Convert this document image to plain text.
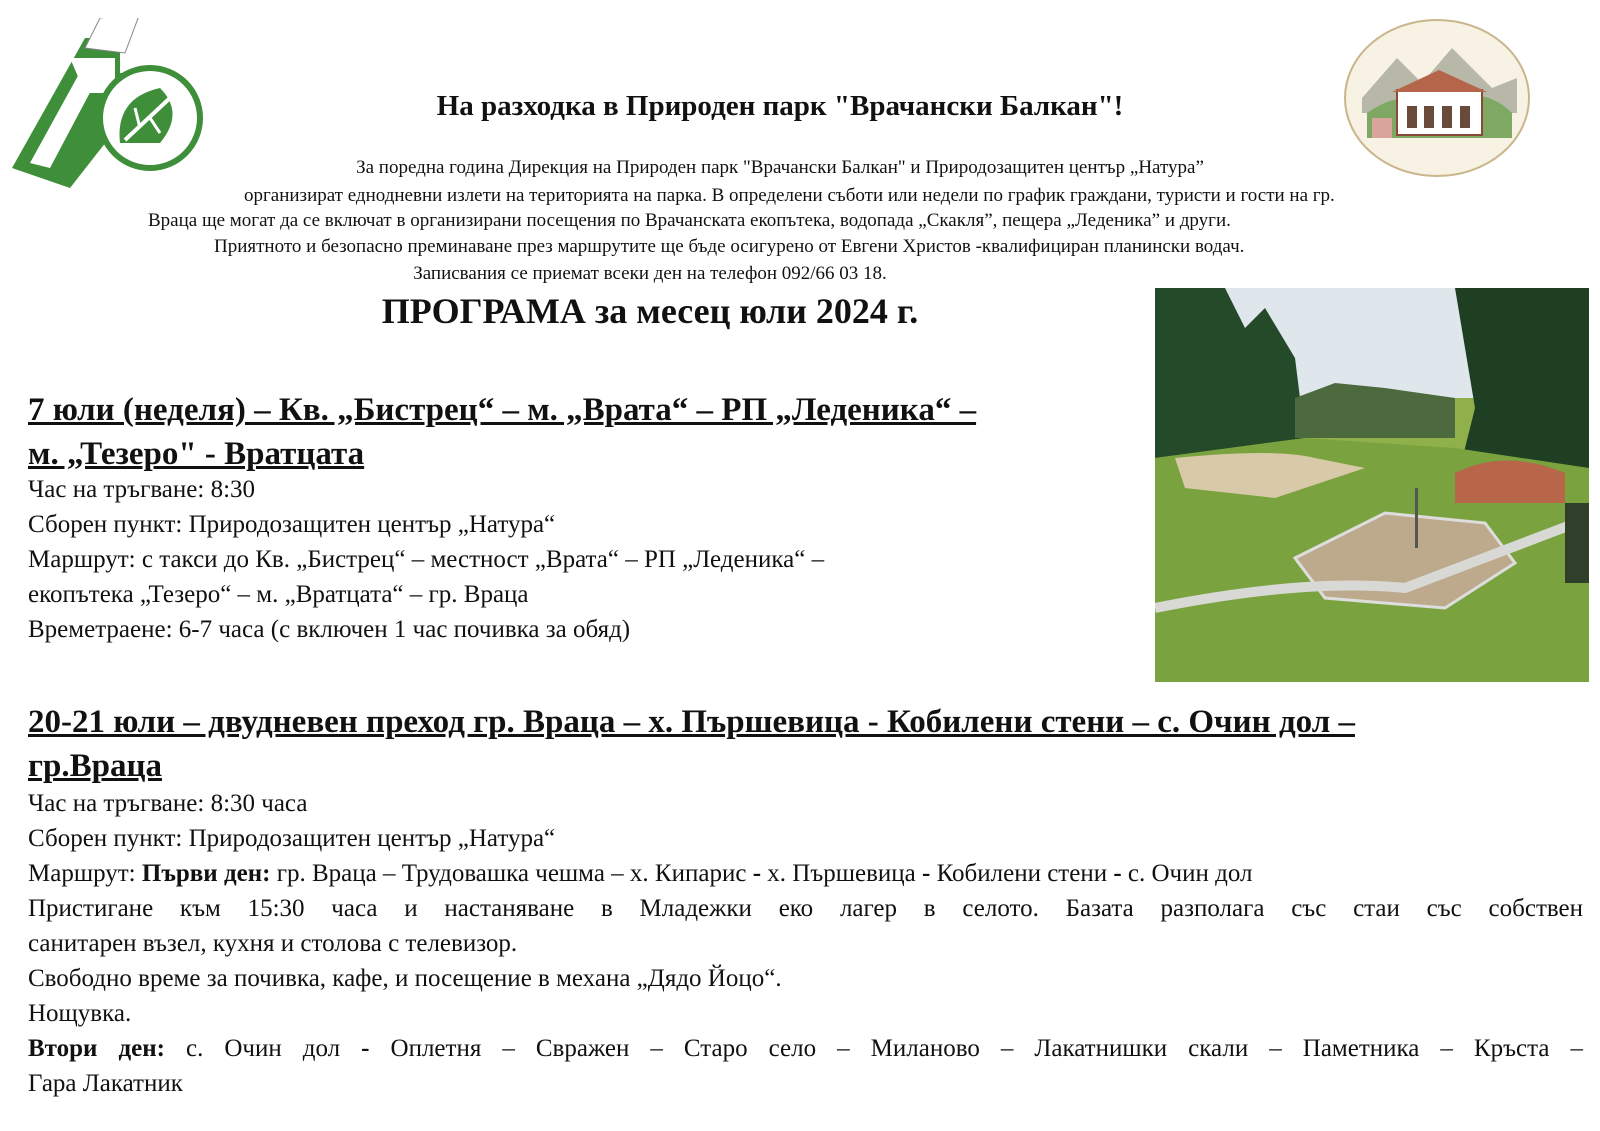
На разходка в Природен парк "Врачански Балкан"!
За поредна година Дирекция на Природен парк "Врачански Балкан" и Природозащитен център „Натура”
организират еднодневни излети на територията на парка. В определени съботи или недели по график граждани, туристи и гости на гр.
Враца ще могат да се включат в организирани посещения по Врачанската екопътека, водопада „Скакля”, пещера „Леденика” и други.
Приятното и безопасно преминаване през маршрутите ще бъде осигурено от Евгени Христов -квалифициран планински водач.
Записвания се приемат всеки ден на телефон 092/66 03 18.
ПРОГРАМА за месец юли 2024 г.
7 юли (неделя) – Кв. „Бистрец“ – м. „Врата“ – РП „Леденика“ –
м. „Тезеро" - Вратцата
Час на тръгване: 8:30
Сборен пункт: Природозащитен център „Натура“
Маршрут: с такси до Кв. „Бистрец“ – местност „Врата“ – РП „Леденика“ –
екопътека „Тезеро“ – м. „Вратцата“ – гр. Враца
Времетраене: 6-7 часа (с включен 1 час почивка за обяд)
20-21 юли – двудневен преход гр. Враца – х. Пършевица - Кобилени стени – с. Очин дол –
гр.Враца
Час на тръгване: 8:30 часа
Сборен пункт: Природозащитен център „Натура“
Маршрут: Първи ден: гр. Враца – Трудовашка чешма – х. Кипарис - х. Пършевица - Кобилени стени - с. Очин дол
Пристигане към 15:30 часа и настаняване в Младежки еко лагер в селото. Базата разполага със стаи със собствен
санитарен възел, кухня и столова с телевизор.
Свободно време за почивка, кафе, и посещение в механа „Дядо Йоцо“.
Нощувка.
Втори ден: с. Очин дол - Оплетня – Свражен – Старо село – Миланово – Лакатнишки скали – Паметника – Кръста –
Гара Лакатник
